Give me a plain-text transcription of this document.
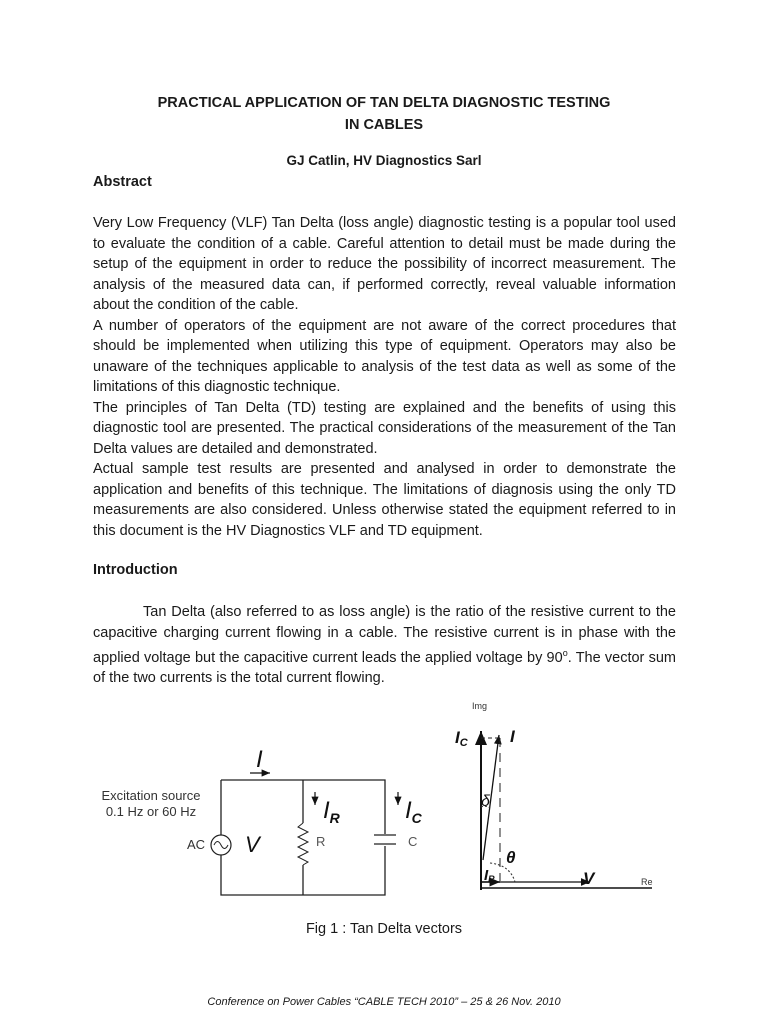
PRACTICAL APPLICATION OF TAN DELTA DIAGNOSTIC TESTING
IN CABLES
GJ Catlin, HV Diagnostics Sarl
Abstract

Very Low Frequency (VLF) Tan Delta (loss angle) diagnostic testing is a popular tool used to evaluate the condition of a cable. Careful attention to detail must be made during the setup of the equipment in order to reduce the possibility of incorrect measurement. The analysis of the measured data can, if performed correctly, reveal valuable information about the condition of the cable.

A number of operators of the equipment are not aware of the correct procedures that should be implemented when utilizing this type of equipment. Operators may also be unaware of the techniques applicable to analysis of the test data as well as some of the limitations of this diagnostic technique.

The principles of Tan Delta (TD) testing are explained and the benefits of using this diagnostic tool are presented. The practical considerations of the measurement of the Tan Delta values are detailed and demonstrated.

Actual sample test results are presented and analysed in order to demonstrate the application and benefits of this technique. The limitations of diagnosis using the only TD measurements are also considered. Unless otherwise stated the equipment referred to in this document is the HV Diagnostics VLF and TD equipment.

Introduction

Tan Delta (also referred to as loss angle) is the ratio of the resistive current to the capacitive charging current flowing in a cable. The resistive current is in phase with the applied voltage but the capacitive current leads the applied voltage by 90$^o$. The vector sum of the two currents is the total current flowing.

Excitation source
0.1 Hz or 60 Hz
AC V
I
$I_R$	$I_C$
R	C
Img
Re
IC I
δ
θ
IR	V
Fig 1 : Tan Delta vectors
Conference on Power Cables “CABLE TECH 2010” – 25 & 26 Nov. 2010
